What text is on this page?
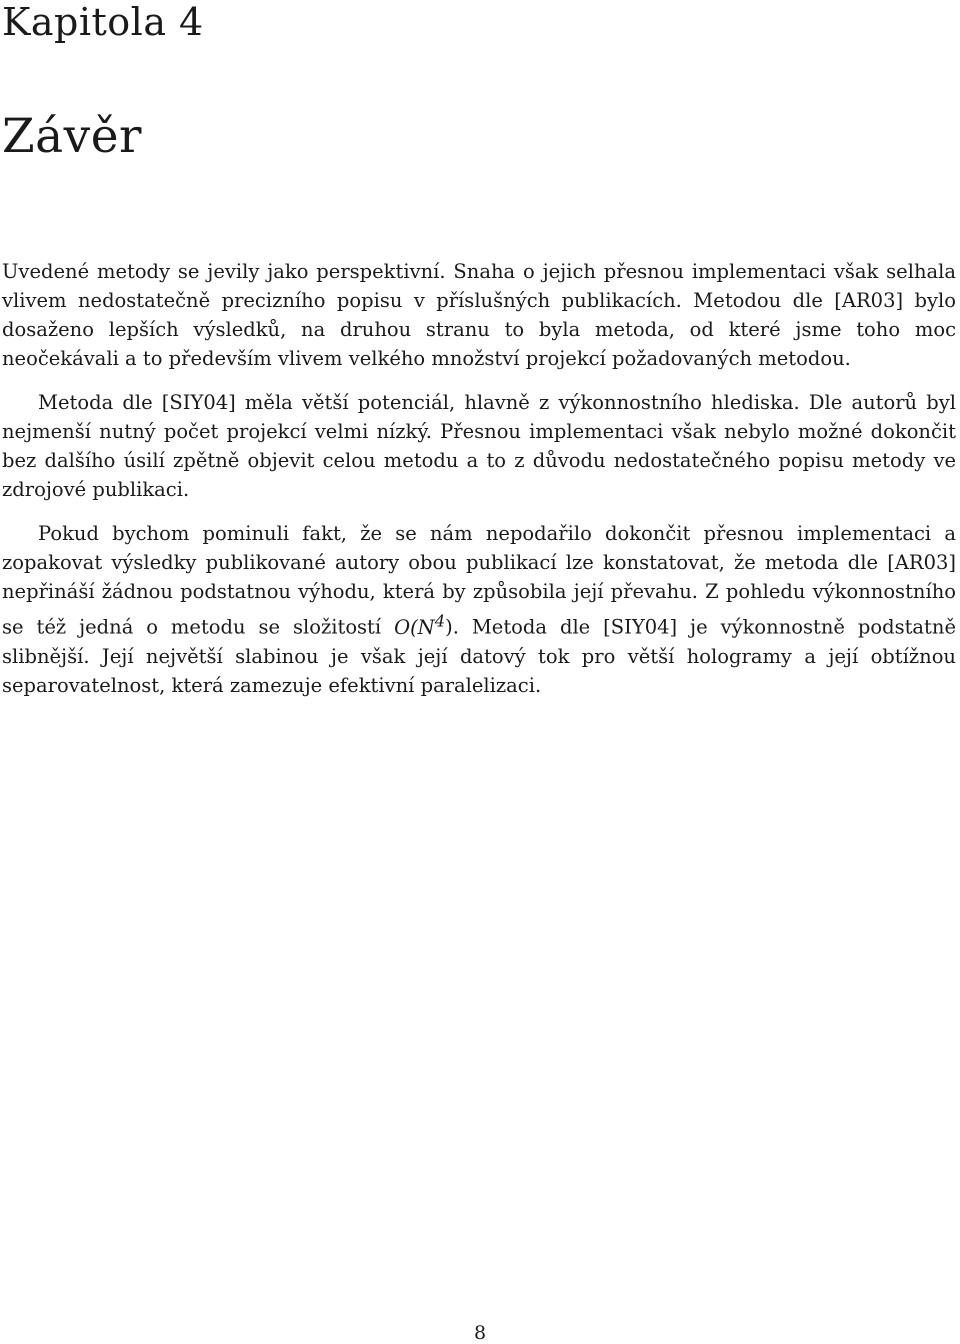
Kapitola 4
Závěr

Uvedené metody se jevily jako perspektivní. Snaha o jejich přesnou implementaci však selhala vlivem nedostatečně precizního popisu v příslušných publikacích. Metodou dle [AR03] bylo dosaženo lepších výsledků, na druhou stranu to byla metoda, od které jsme toho moc neočekávali a to především vlivem velkého množství projekcí požadovaných metodou.

Metoda dle [SIY04] měla větší potenciál, hlavně z výkonnostního hlediska. Dle autorů byl nejmenší nutný počet projekcí velmi nízký. Přesnou implementaci však nebylo možné dokončit bez dalšího úsilí zpětně objevit celou metodu a to z důvodu nedostatečného popisu metody ve zdrojové publikaci.

Pokud bychom pominuli fakt, že se nám nepodařilo dokončit přesnou implementaci a zopakovat výsledky publikované autory obou publikací lze konstatovat, že metoda dle [AR03] nepřináší žádnou podstatnou výhodu, která by způsobila její převahu. Z pohledu výkonnostního se též jedná o metodu se složitostí $O(N^4)$. Metoda dle [SIY04] je výkonnostně podstatně slibnější. Její největší slabinou je však její datový tok pro větší hologramy a její obtížnou separovatelnost, která zamezuje efektivní paralelizaci.

8
